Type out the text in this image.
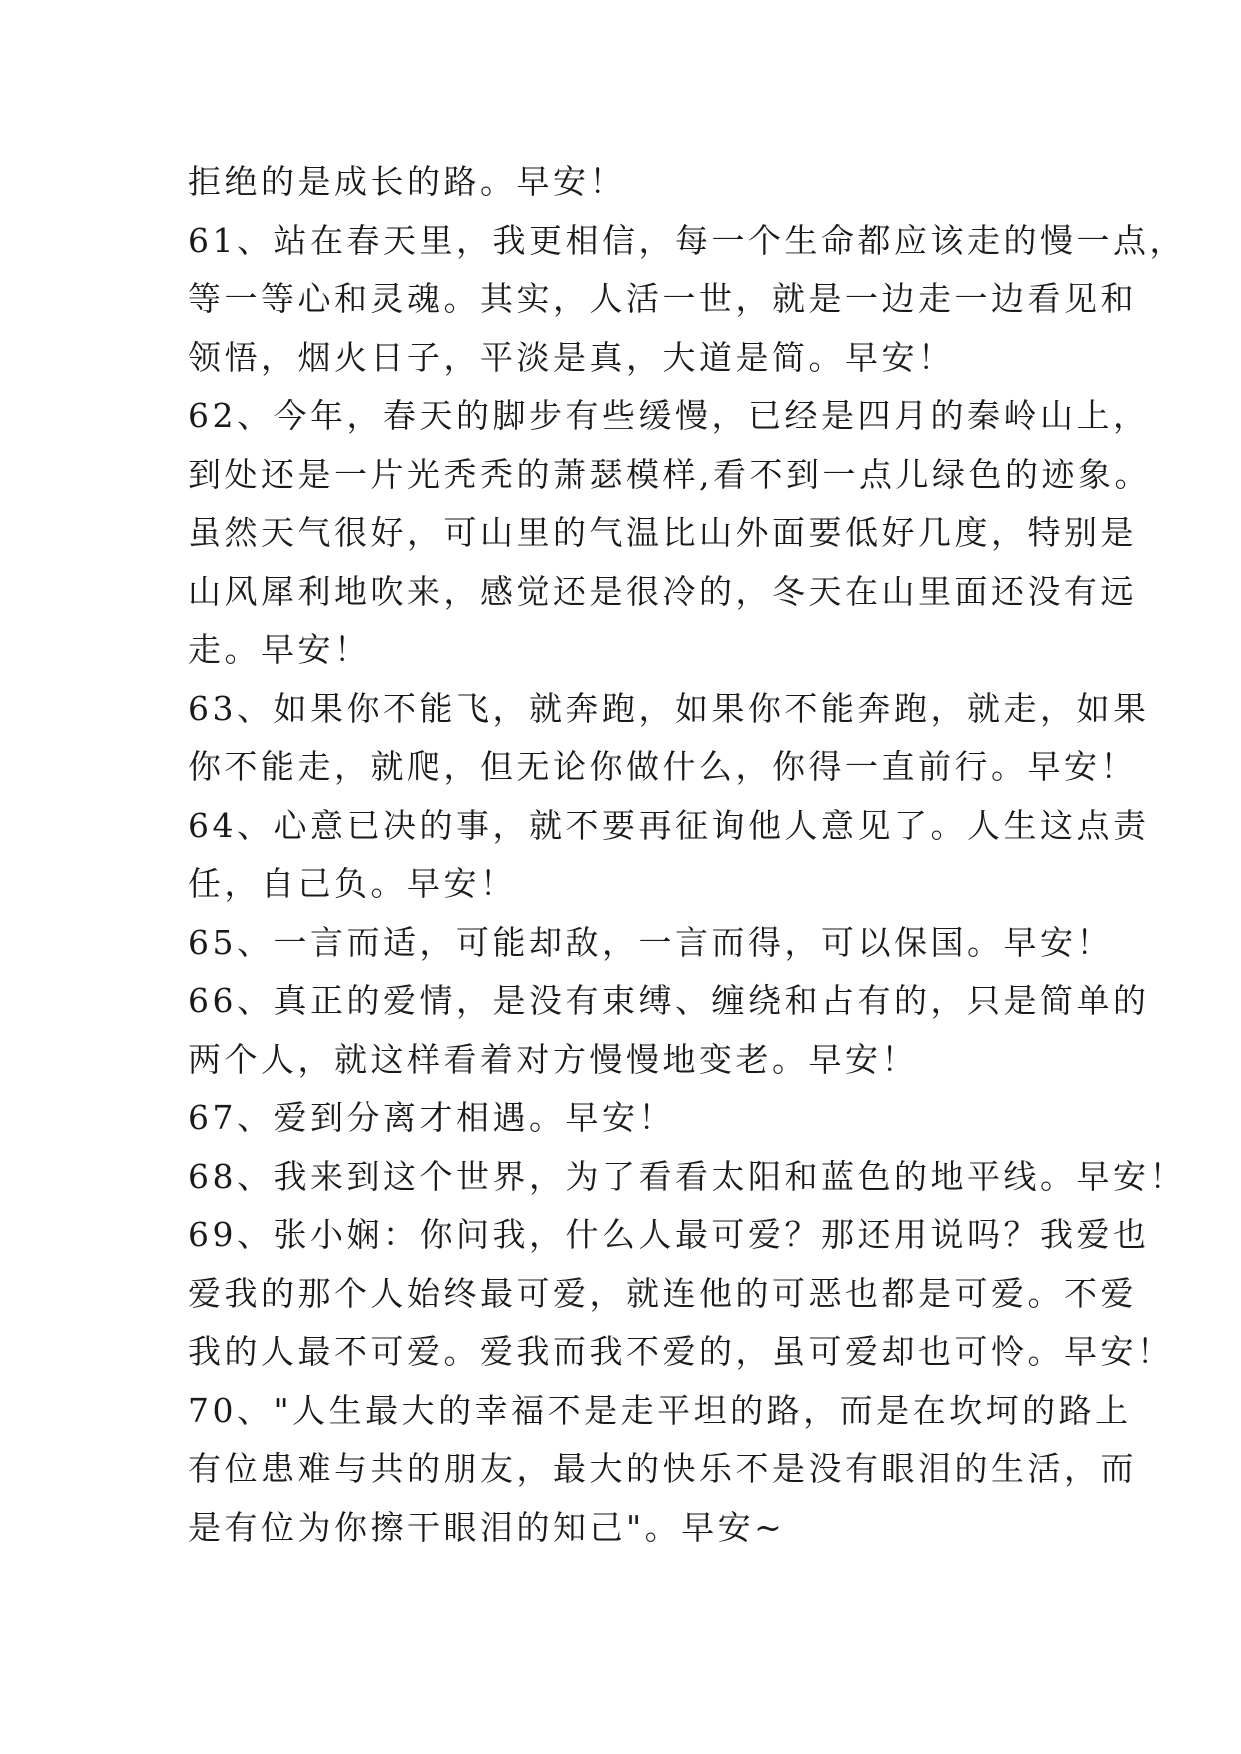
拒绝的是成长的路。早安！
61、站在春天里，我更相信，每一个生命都应该走的慢一点，
等一等心和灵魂。其实，人活一世，就是一边走一边看见和
领悟，烟火日子，平淡是真，大道是简。早安！
62、今年，春天的脚步有些缓慢，已经是四月的秦岭山上，
到处还是一片光秃秃的萧瑟模样,看不到一点儿绿色的迹象。
虽然天气很好，可山里的气温比山外面要低好几度，特别是
山风犀利地吹来，感觉还是很冷的，冬天在山里面还没有远
走。早安！
63、如果你不能飞，就奔跑，如果你不能奔跑，就走，如果
你不能走，就爬，但无论你做什么，你得一直前行。早安！
64、心意已决的事，就不要再征询他人意见了。人生这点责
任，自己负。早安！
65、一言而适，可能却敌，一言而得，可以保国。早安！
66、真正的爱情，是没有束缚、缠绕和占有的，只是简单的
两个人，就这样看着对方慢慢地变老。早安！
67、爱到分离才相遇。早安！
68、我来到这个世界，为了看看太阳和蓝色的地平线。早安！
69、张小娴：你问我，什么人最可爱？那还用说吗？我爱也
爱我的那个人始终最可爱，就连他的可恶也都是可爱。不爱
我的人最不可爱。爱我而我不爱的，虽可爱却也可怜。早安！
70、"人生最大的幸福不是走平坦的路，而是在坎坷的路上
有位患难与共的朋友，最大的快乐不是没有眼泪的生活，而
是有位为你擦干眼泪的知己"。早安~
